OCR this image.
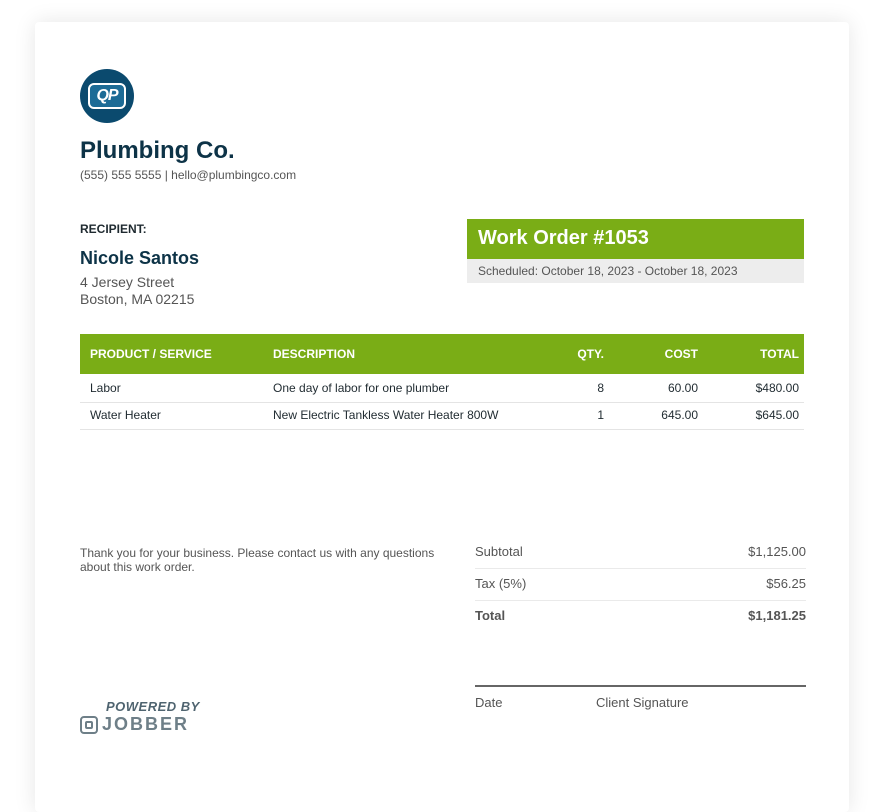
QP
Plumbing Co.
(555) 555 5555 | hello@plumbingco.com
RECIPIENT:
Nicole Santos
4 Jersey Street
Boston, MA 02215
Work Order #1053
Scheduled: October 18, 2023 - October 18, 2023
PRODUCT / SERVICE	DESCRIPTION	QTY.	COST	TOTAL
Labor	One day of labor for one plumber	8	60.00	$480.00
Water Heater	New Electric Tankless Water Heater 800W	1	645.00	$645.00
Thank you for your business. Please contact us with any questions about this work order.
Subtotal	$1,125.00
Tax (5%)	$56.25
Total	$1,181.25
Date	Client Signature
POWERED BY
JOBBER
